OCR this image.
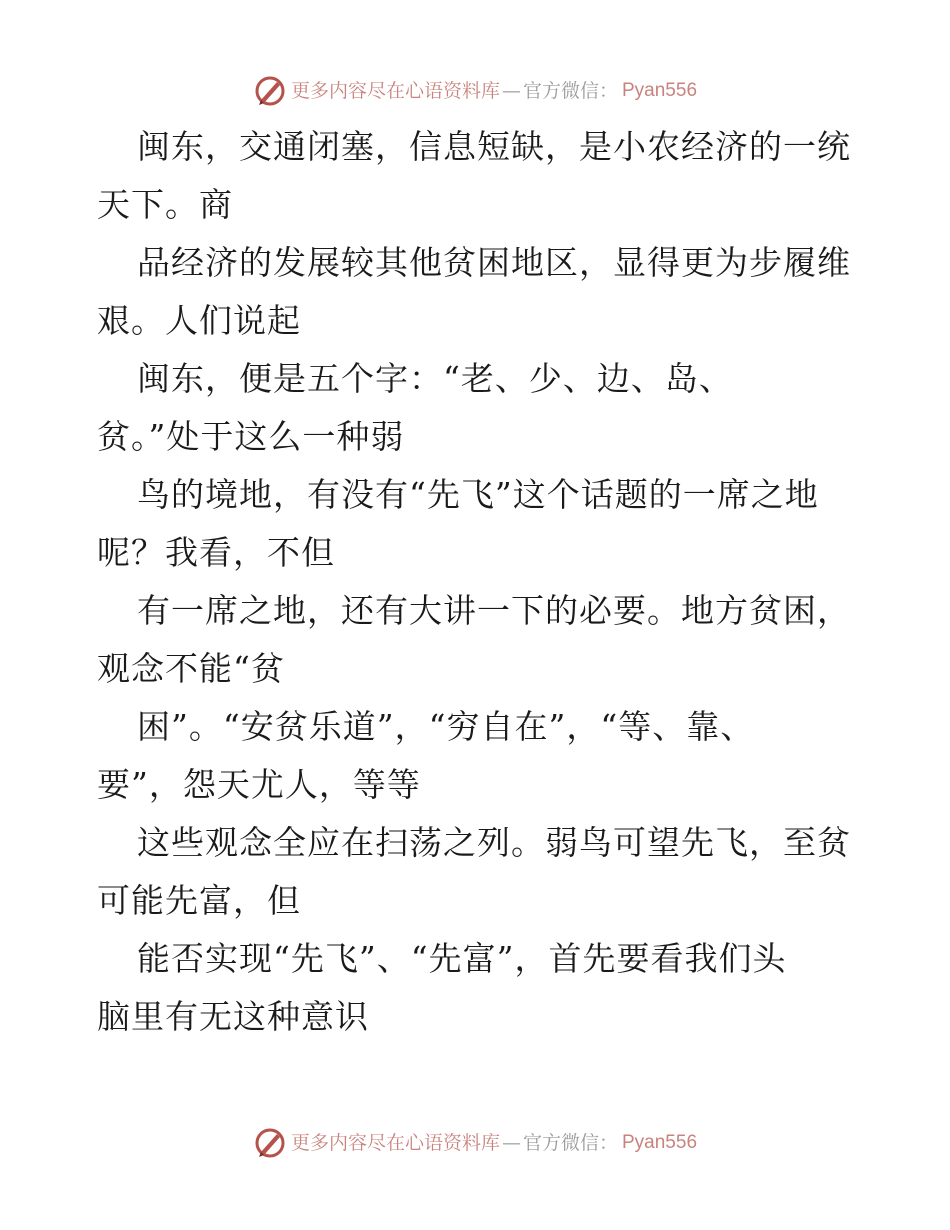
更多内容尽在心语资料库 — 官方微信： Pyan556

闽东，交通闭塞，信息短缺，是小农经济的一统
天下。商

品经济的发展较其他贫困地区，显得更为步履维
艰。人们说起

闽东，便是五个字：“老、少、边、岛、
贫。”处于这么一种弱

鸟的境地，有没有“先飞”这个话题的一席之地
呢？我看，不但

有一席之地，还有大讲一下的必要。地方贫困，
观念不能“贫

困”。“安贫乐道”，“穷自在”，“等、靠、
要”，怨天尤人，等等

这些观念全应在扫荡之列。弱鸟可望先飞，至贫
可能先富，但

能否实现“先飞”、“先富”，首先要看我们头
脑里有无这种意识

更多内容尽在心语资料库 — 官方微信： Pyan556
